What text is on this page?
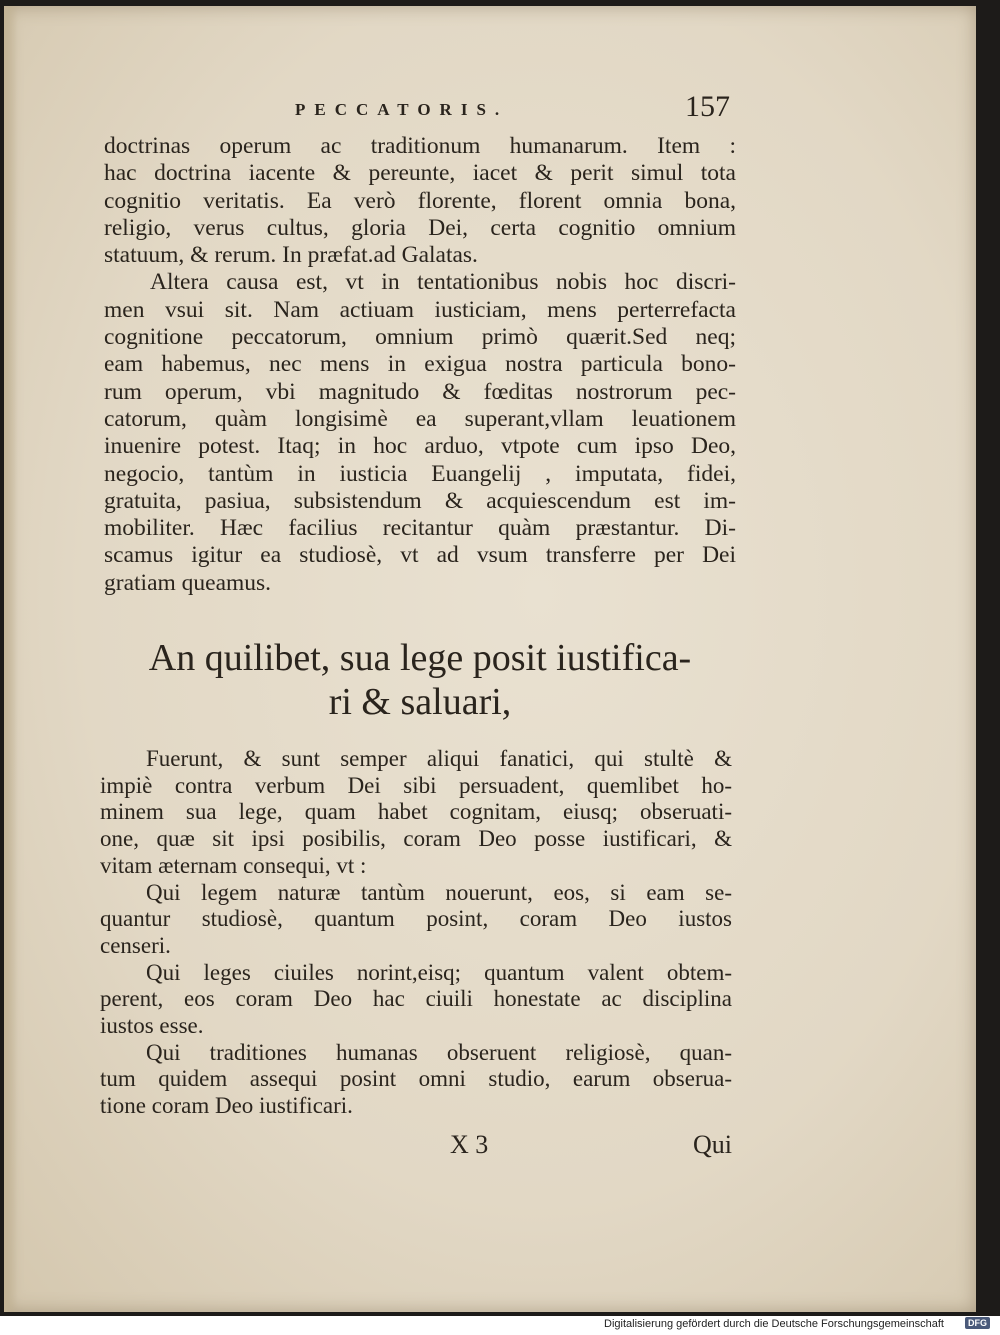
PECCATORIS.	157
doctrinas operum ac traditionum humanarum. Item :
hac doctrina iacente & pereunte, iacet & perit simul tota
cognitio veritatis. Ea verò florente, florent omnia bona,
religio, verus cultus, gloria Dei, certa cognitio omnium
statuum, & rerum. In præfat.ad Galatas.
Altera causa est, vt in tentationibus nobis hoc discri-
men vsui sit. Nam actiuam iusticiam, mens perterrefacta
cognitione peccatorum, omnium primò quærit.Sed neq;
eam habemus, nec mens in exigua nostra particula bono-
rum operum, vbi magnitudo & fœditas nostrorum pec-
catorum, quàm longisimè ea superant,vllam leuationem
inuenire potest. Itaq; in hoc arduo, vtpote cum ipso Deo,
negocio, tantùm in iusticia Euangelij , imputata, fidei,
gratuita, pasiua, subsistendum & acquiescendum est im-
mobiliter. Hæc facilius recitantur quàm præstantur. Di-
scamus igitur ea studiosè, vt ad vsum transferre per Dei
gratiam queamus.
An quilibet, sua lege posit iustifica-
ri & saluari,
Fuerunt, & sunt semper aliqui fanatici, qui stultè &
impiè contra verbum Dei sibi persuadent, quemlibet ho-
minem sua lege, quam habet cognitam, eiusq; obseruati-
one, quæ sit ipsi posibilis, coram Deo posse iustificari, &
vitam æternam consequi, vt :
Qui legem naturæ tantùm nouerunt, eos, si eam se-
quantur studiosè, quantum posint, coram Deo iustos
censeri.
Qui leges ciuiles norint,eisq; quantum valent obtem-
perent, eos coram Deo hac ciuili honestate ac disciplina
iustos esse.
Qui traditiones humanas obseruent religiosè, quan-
tum quidem assequi posint omni studio, earum obserua-
tione coram Deo iustificari.
X 3	Qui
Digitalisierung gefördert durch die Deutsche Forschungsgemeinschaft	DFG
